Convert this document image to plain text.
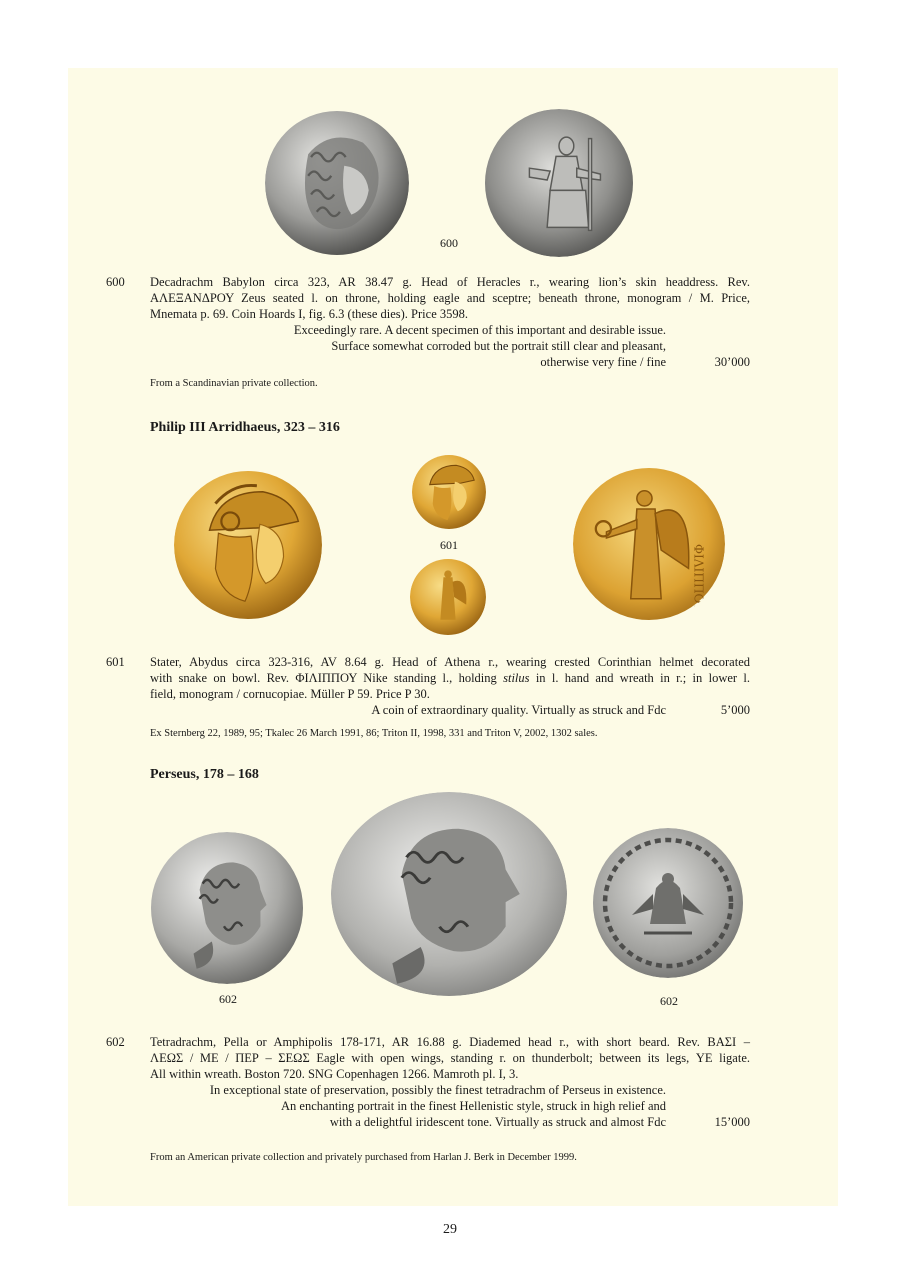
600
600 Decadrachm Babylon circa 323, AR 38.47 g. Head of Heracles r., wearing lion’s skin headdress. Rev.
ΑΛΕΞΑΝΔΡΟΥ Zeus seated l. on throne, holding eagle and sceptre; beneath throne, monogram / M. Price,
Mnemata p. 69. Coin Hoards I, fig. 6.3 (these dies). Price 3598.
Exceedingly rare. A decent specimen of this important and desirable issue.
Surface somewhat corroded but the portrait still clear and pleasant,
otherwise very fine / fine	30’000
From a Scandinavian private collection.
Philip III Arridhaeus, 323 – 316
601	ΦΙΛΙΠΠΟΥ
601 Stater, Abydus circa 323-316, AV 8.64 g. Head of Athena r., wearing crested Corinthian helmet decorated
with snake on bowl. Rev. ΦΙΛΙΠΠΟΥ Nike standing l., holding stilus in l. hand and wreath in r.; in lower l.
field, monogram / cornucopiae. Müller P 59. Price P 30.
A coin of extraordinary quality. Virtually as struck and Fdc	5’000
Ex Sternberg 22, 1989, 95; Tkalec 26 March 1991, 86; Triton II, 1998, 331 and Triton V, 2002, 1302 sales.
Perseus, 178 – 168
602	602
602 Tetradrachm, Pella or Amphipolis 178-171, AR 16.88 g. Diademed head r., with short beard. Rev. ΒΑΣΙ –
ΛΕΩΣ / ΜΕ / ΠΕΡ – ΣΕΩΣ Eagle with open wings, standing r. on thunderbolt; between its legs, ΥΕ ligate.
All within wreath. Boston 720. SNG Copenhagen 1266. Mamroth pl. I, 3.
In exceptional state of preservation, possibly the finest tetradrachm of Perseus in existence.
An enchanting portrait in the finest Hellenistic style, struck in high relief and
with a delightful iridescent tone. Virtually as struck and almost Fdc	15’000
From an American private collection and privately purchased from Harlan J. Berk in December 1999.
29
